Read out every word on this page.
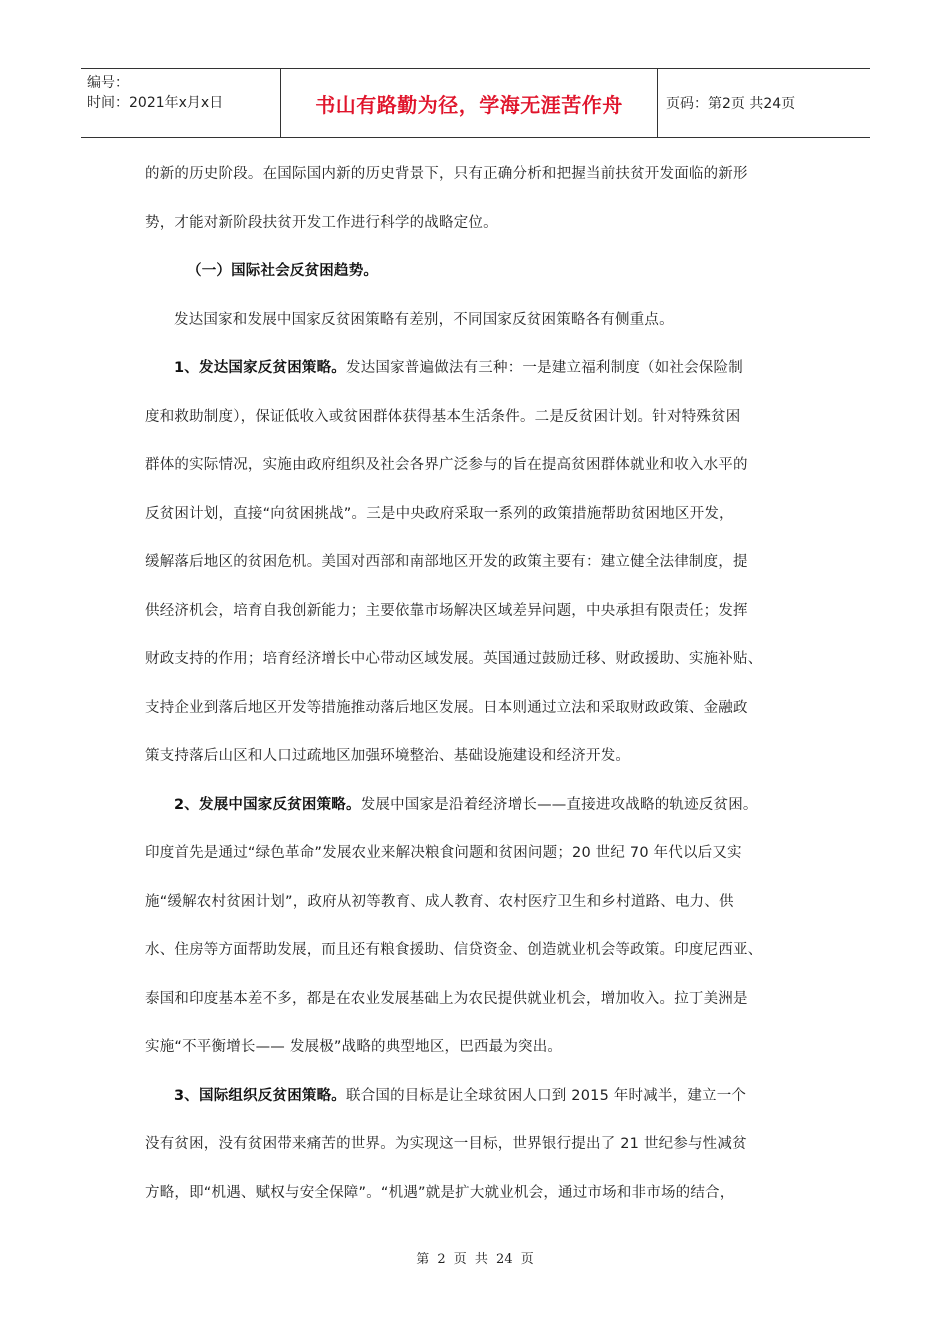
编号：
时间：2021年x月x日	书山有路勤为径，学海无涯苦作舟	页码：第2页 共24页
的新的历史阶段。在国际国内新的历史背景下，只有正确分析和把握当前扶贫开发面临的新形
势，才能对新阶段扶贫开发工作进行科学的战略定位。
（一）国际社会反贫困趋势。
发达国家和发展中国家反贫困策略有差别，不同国家反贫困策略各有侧重点。
1、发达国家反贫困策略。发达国家普遍做法有三种：一是建立福利制度（如社会保险制
度和救助制度），保证低收入或贫困群体获得基本生活条件。二是反贫困计划。针对特殊贫困
群体的实际情况，实施由政府组织及社会各界广泛参与的旨在提高贫困群体就业和收入水平的
反贫困计划，直接“向贫困挑战”。三是中央政府采取一系列的政策措施帮助贫困地区开发，
缓解落后地区的贫困危机。美国对西部和南部地区开发的政策主要有：建立健全法律制度，提
供经济机会，培育自我创新能力；主要依靠市场解决区域差异问题，中央承担有限责任；发挥
财政支持的作用；培育经济增长中心带动区域发展。英国通过鼓励迁移、财政援助、实施补贴、
支持企业到落后地区开发等措施推动落后地区发展。日本则通过立法和采取财政政策、金融政
策支持落后山区和人口过疏地区加强环境整治、基础设施建设和经济开发。
2、发展中国家反贫困策略。发展中国家是沿着经济增长——直接进攻战略的轨迹反贫困。
印度首先是通过“绿色革命”发展农业来解决粮食问题和贫困问题；20 世纪 70 年代以后又实
施“缓解农村贫困计划”，政府从初等教育、成人教育、农村医疗卫生和乡村道路、电力、供
水、住房等方面帮助发展，而且还有粮食援助、信贷资金、创造就业机会等政策。印度尼西亚、
泰国和印度基本差不多，都是在农业发展基础上为农民提供就业机会，增加收入。拉丁美洲是
实施“不平衡增长—— 发展极”战略的典型地区，巴西最为突出。
3、国际组织反贫困策略。联合国的目标是让全球贫困人口到 2015 年时减半，建立一个
没有贫困，没有贫困带来痛苦的世界。为实现这一目标，世界银行提出了 21 世纪参与性减贫
方略，即“机遇、赋权与安全保障”。“机遇”就是扩大就业机会，通过市场和非市场的结合，
第 2 页 共 24 页
